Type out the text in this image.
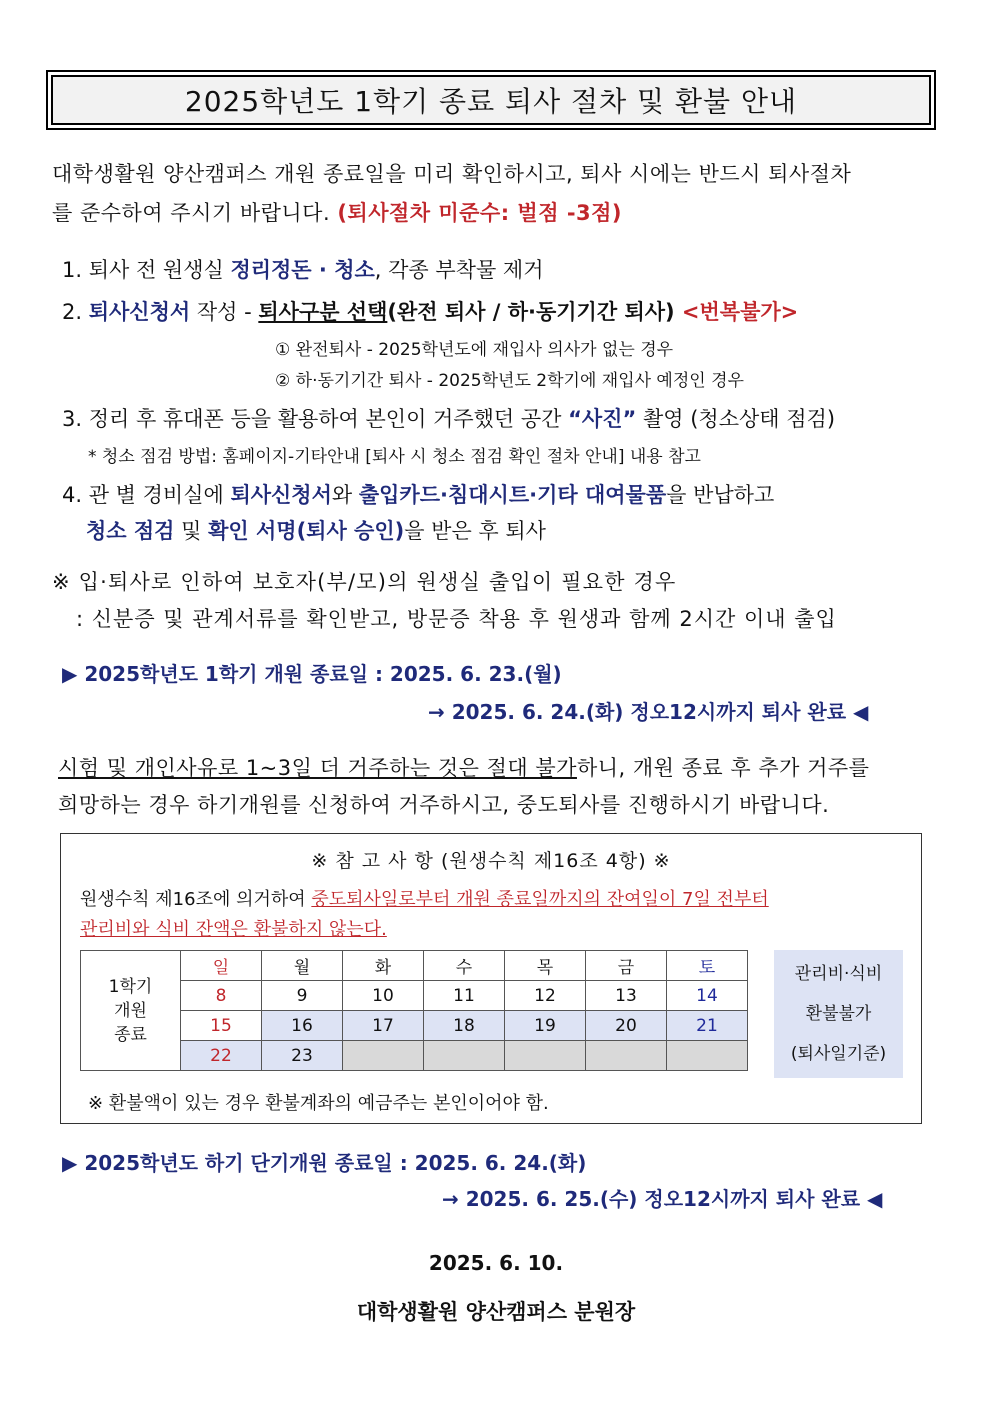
2025학년도 1학기 종료 퇴사 절차 및 환불 안내
대학생활원 양산캠퍼스 개원 종료일을 미리 확인하시고, 퇴사 시에는 반드시 퇴사절차
를 준수하여 주시기 바랍니다. (퇴사절차 미준수: 벌점 -3점)
1. 퇴사 전 원생실 정리정돈 · 청소, 각종 부착물 제거
2. 퇴사신청서 작성 - 퇴사구분 선택(완전 퇴사 / 하·동기기간 퇴사) <번복불가>
① 완전퇴사 - 2025학년도에 재입사 의사가 없는 경우
② 하·동기기간 퇴사 - 2025학년도 2학기에 재입사 예정인 경우
3. 정리 후 휴대폰 등을 활용하여 본인이 거주했던 공간 “사진” 촬영 (청소상태 점검)
* 청소 점검 방법: 홈페이지-기타안내 [퇴사 시 청소 점검 확인 절차 안내] 내용 참고
4. 관 별 경비실에 퇴사신청서와 출입카드·침대시트·기타 대여물품을 반납하고
청소 점검 및 확인 서명(퇴사 승인)을 받은 후 퇴사
※ 입·퇴사로 인하여 보호자(부/모)의 원생실 출입이 필요한 경우
: 신분증 및 관계서류를 확인받고, 방문증 착용 후 원생과 함께 2시간 이내 출입
▶ 2025학년도 1학기 개원 종료일 : 2025. 6. 23.(월)
→ 2025. 6. 24.(화) 정오12시까지 퇴사 완료 ◀
시험 및 개인사유로 1~3일 더 거주하는 것은 절대 불가하니, 개원 종료 후 추가 거주를
희망하는 경우 하기개원를 신청하여 거주하시고, 중도퇴사를 진행하시기 바랍니다.
※ 참 고 사 항 (원생수칙 제16조 4항) ※
원생수칙 제16조에 의거하여 중도퇴사일로부터 개원 종료일까지의 잔여일이 7일 전부터
관리비와 식비 잔액은 환불하지 않는다.
1학기
개원
종료	일	월	화	수	목	금	토
	8	9	10	11	12	13	14
	15	16	17	18	19	20	21
	22	23					
관리비·식비
환불불가
(퇴사일기준)
※ 환불액이 있는 경우 환불계좌의 예금주는 본인이어야 함.
▶ 2025학년도 하기 단기개원 종료일 : 2025. 6. 24.(화)
→ 2025. 6. 25.(수) 정오12시까지 퇴사 완료 ◀
2025. 6. 10.
대학생활원 양산캠퍼스 분원장
